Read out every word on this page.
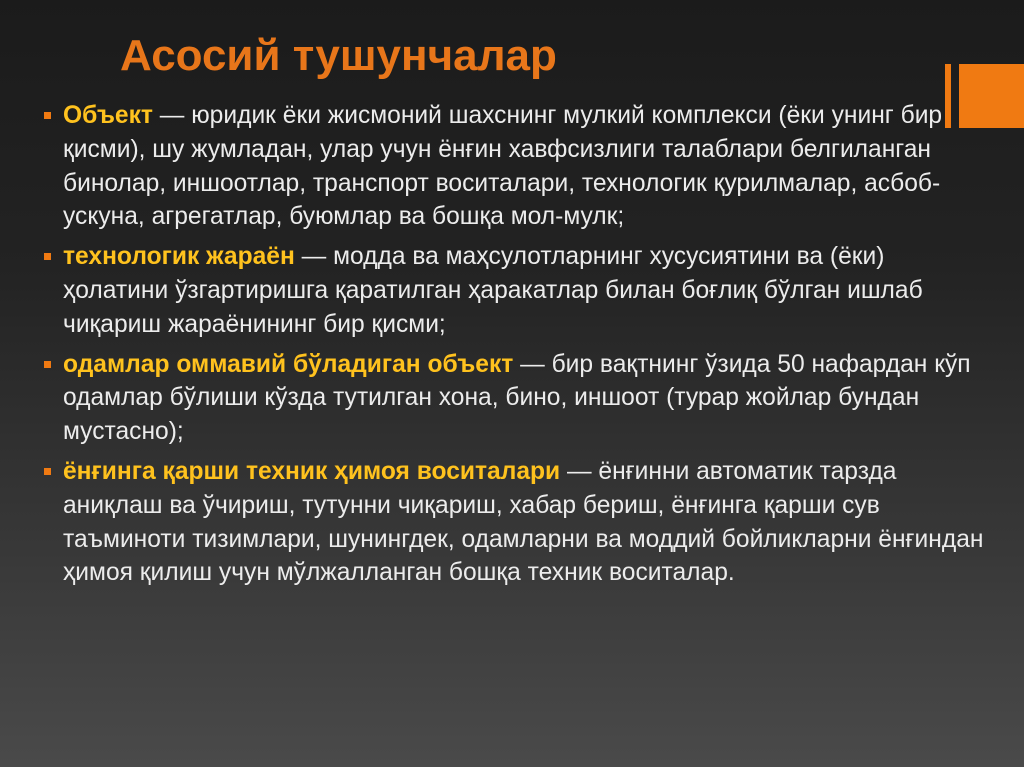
Асосий тушунчалар
Объект — юридик ёки жисмоний шахснинг мулкий комплекси (ёки унинг бир қисми), шу жумладан, улар учун ёнғин хавфсизлиги талаблари белгиланган бинолар, иншоотлар, транспорт воситалари, технологик қурилмалар, асбоб-ускуна, агрегатлар, буюмлар ва бошқа мол-мулк;
технологик жараён — модда ва маҳсулотларнинг хусусиятини ва (ёки) ҳолатини ўзгартиришга қаратилган ҳаракатлар билан боғлиқ бўлган ишлаб чиқариш жараёнининг бир қисми;
одамлар оммавий бўладиган объект — бир вақтнинг ўзида 50 нафардан кўп одамлар бўлиши кўзда тутилган хона, бино, иншоот (турар жойлар бундан мустасно);
ёнғинга қарши техник ҳимоя воситалари — ёнғинни автоматик тарзда аниқлаш ва ўчириш, тутунни чиқариш, хабар бериш, ёнғинга қарши сув таъминоти тизимлари, шунингдек, одамларни ва моддий бойликларни ёнғиндан ҳимоя қилиш учун мўлжалланган бошқа техник воситалар.
